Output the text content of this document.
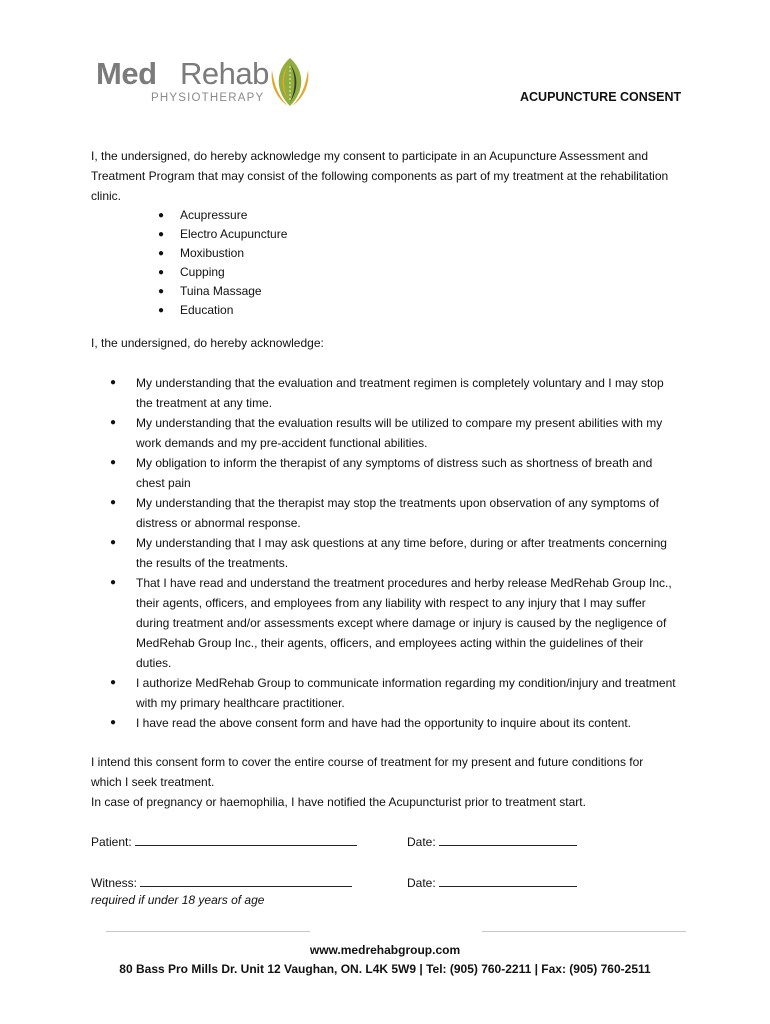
Med Rehab
PHYSIOTHERAPY	ACUPUNCTURE CONSENT

I, the undersigned, do hereby acknowledge my consent to participate in an Acupuncture Assessment and Treatment Program that may consist of the following components as part of my treatment at the rehabilitation clinic.

● Acupressure
● Electro Acupuncture
● Moxibustion
● Cupping
● Tuina Massage
● Education

I, the undersigned, do hereby acknowledge:

● My understanding that the evaluation and treatment regimen is completely voluntary and I may stop the treatment at any time.
● My understanding that the evaluation results will be utilized to compare my present abilities with my work demands and my pre-accident functional abilities.
● My obligation to inform the therapist of any symptoms of distress such as shortness of breath and chest pain
● My understanding that the therapist may stop the treatments upon observation of any symptoms of distress or abnormal response.
● My understanding that I may ask questions at any time before, during or after treatments concerning the results of the treatments.
● That I have read and understand the treatment procedures and herby release MedRehab Group Inc., their agents, officers, and employees from any liability with respect to any injury that I may suffer during treatment and/or assessments except where damage or injury is caused by the negligence of MedRehab Group Inc., their agents, officers, and employees acting within the guidelines of their duties.
● I authorize MedRehab Group to communicate information regarding my condition/injury and treatment with my primary healthcare practitioner.
● I have read the above consent form and have had the opportunity to inquire about its content.

I intend this consent form to cover the entire course of treatment for my present and future conditions for which I seek treatment.

In case of pregnancy or haemophilia, I have notified the Acupuncturist prior to treatment start.

Patient:	Date:
Witness:	Date:
required if under 18 years of age
www.medrehabgroup.com
80 Bass Pro Mills Dr. Unit 12 Vaughan, ON. L4K 5W9 | Tel: (905) 760-2211 | Fax: (905) 760-2511
